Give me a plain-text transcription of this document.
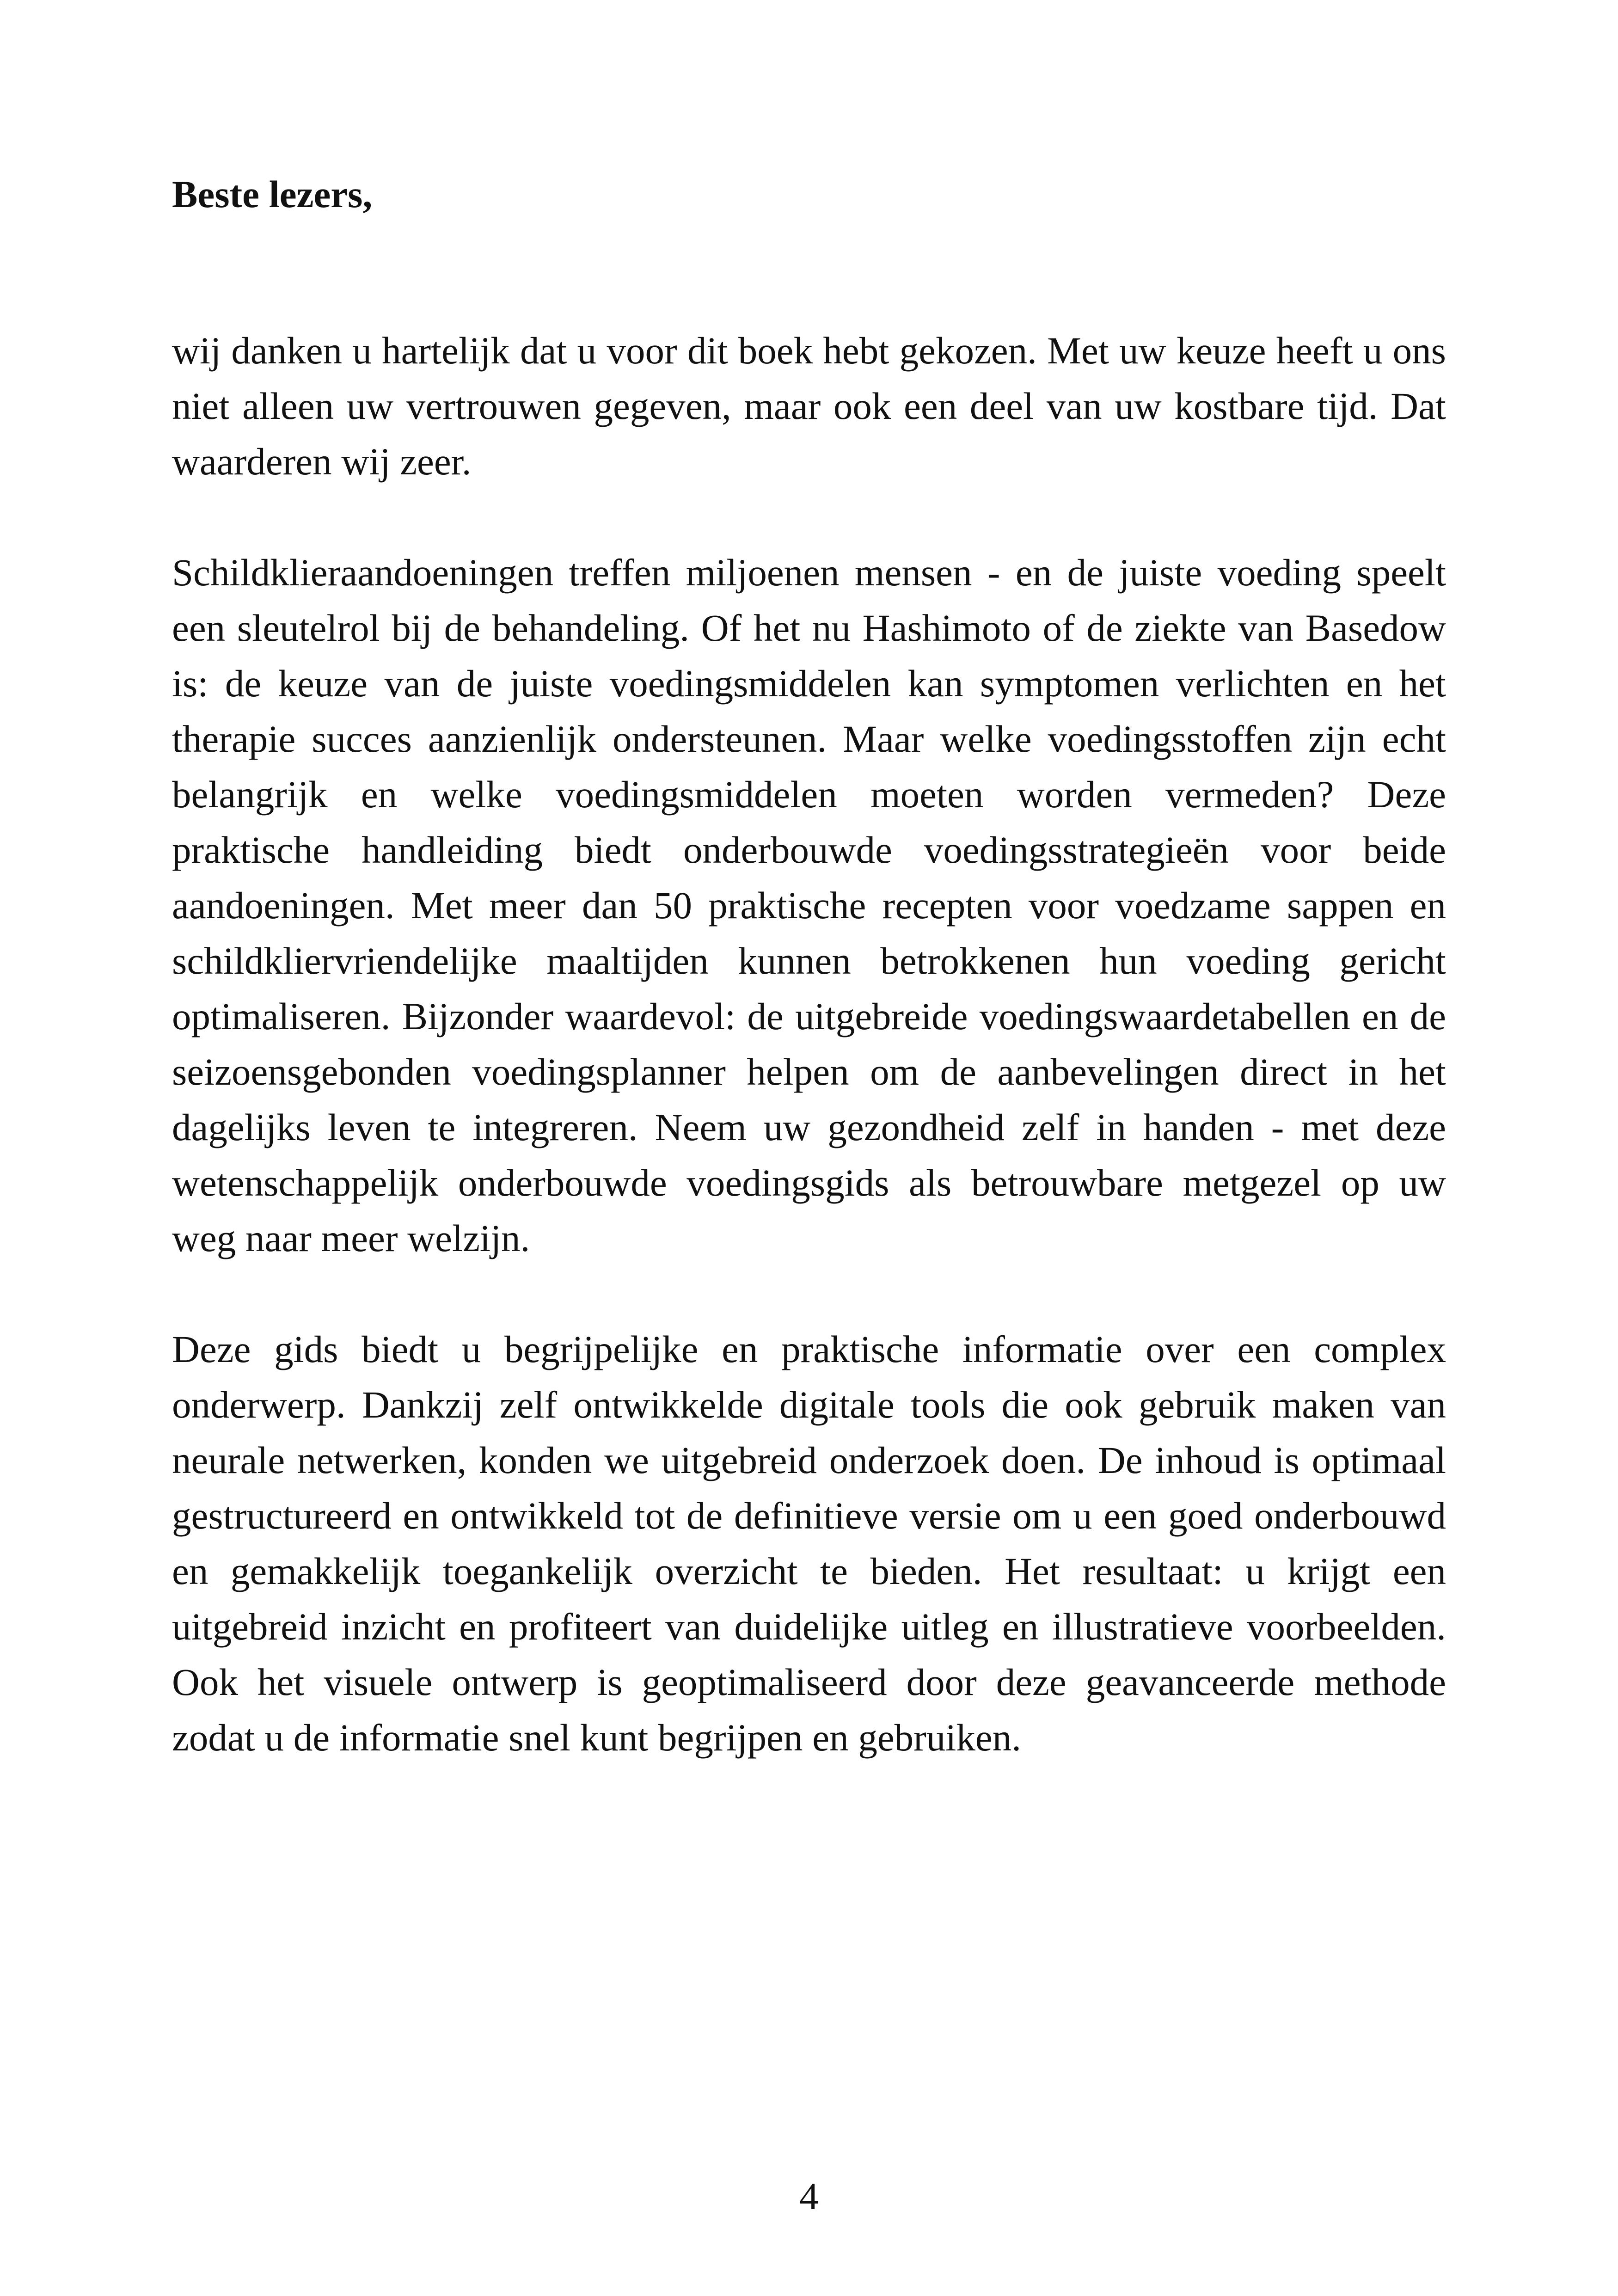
Beste lezers,

wij danken u hartelijk dat u voor dit boek hebt gekozen. Met uw keuze heeft u ons niet alleen uw vertrouwen gegeven, maar ook een deel van uw kostbare tijd. Dat waarderen wij zeer.

Schildklieraandoeningen treffen miljoenen mensen - en de juiste voeding speelt een sleutelrol bij de behandeling. Of het nu Hashimoto of de ziekte van Basedow is: de keuze van de juiste voedingsmiddelen kan symptomen verlichten en het therapie succes aanzienlijk ondersteunen. Maar welke voedingsstoffen zijn echt belangrijk en welke voedingsmiddelen moeten worden vermeden? Deze praktische handleiding biedt onderbouwde voedingsstrategieën voor beide aandoeningen. Met meer dan 50 praktische recepten voor voedzame sappen en schildkliervriendelijke maaltijden kunnen betrokkenen hun voeding gericht optimaliseren. Bijzonder waardevol: de uitgebreide voedingswaardetabellen en de seizoensgebonden voedingsplanner helpen om de aanbevelingen direct in het dagelijks leven te integreren. Neem uw gezondheid zelf in handen - met deze wetenschappelijk onderbouwde voedingsgids als betrouwbare metgezel op uw weg naar meer welzijn.

Deze gids biedt u begrijpelijke en praktische informatie over een complex onderwerp. Dankzij zelf ontwikkelde digitale tools die ook gebruik maken van neurale netwerken, konden we uitgebreid onderzoek doen. De inhoud is optimaal gestructureerd en ontwikkeld tot de definitieve versie om u een goed onderbouwd en gemakkelijk toegankelijk overzicht te bieden. Het resultaat: u krijgt een uitgebreid inzicht en profiteert van duidelijke uitleg en illustratieve voorbeelden. Ook het visuele ontwerp is geoptimaliseerd door deze geavanceerde methode zodat u de informatie snel kunt begrijpen en gebruiken.

4
